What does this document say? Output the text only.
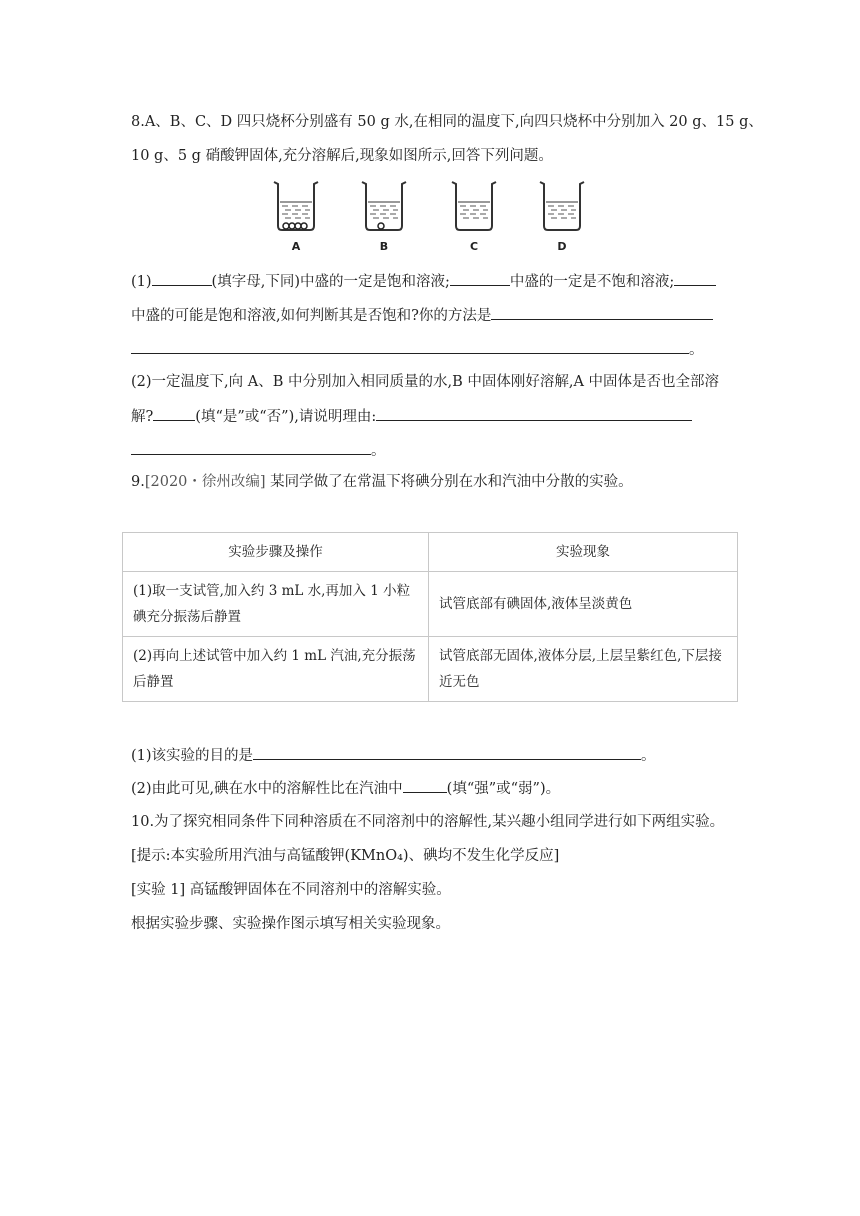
8.A、B、C、D 四只烧杯分别盛有 50 g 水,在相同的温度下,向四只烧杯中分别加入 20 g、15 g、
10 g、5 g 硝酸钾固体,充分溶解后,现象如图所示,回答下列问题。
A	B	C	D
(1)	(填字母,下同)中盛的一定是饱和溶液;	中盛的一定是不饱和溶液;
中盛的可能是饱和溶液,如何判断其是否饱和?你的方法是
。
(2)一定温度下,向 A、B 中分别加入相同质量的水,B 中固体刚好溶解,A 中固体是否也全部溶
解?	(填“是”或“否”),请说明理由:
。
9.[2020・徐州改编] 某同学做了在常温下将碘分别在水和汽油中分散的实验。
实验步骤及操作	实验现象
(1)取一支试管,加入约 3 mL 水,再加入 1 小粒碘充分振荡后静置	试管底部有碘固体,液体呈淡黄色
(2)再向上述试管中加入约 1 mL 汽油,充分振荡后静置	试管底部无固体,液体分层,上层呈紫红色,下层接近无色
(1)该实验的目的是	。
(2)由此可见,碘在水中的溶解性比在汽油中	(填“强”或“弱”)。
10.为了探究相同条件下同种溶质在不同溶剂中的溶解性,某兴趣小组同学进行如下两组实验。
[提示:本实验所用汽油与高锰酸钾(KMnO₄)、碘均不发生化学反应]
[实验 1] 高锰酸钾固体在不同溶剂中的溶解实验。
根据实验步骤、实验操作图示填写相关实验现象。
